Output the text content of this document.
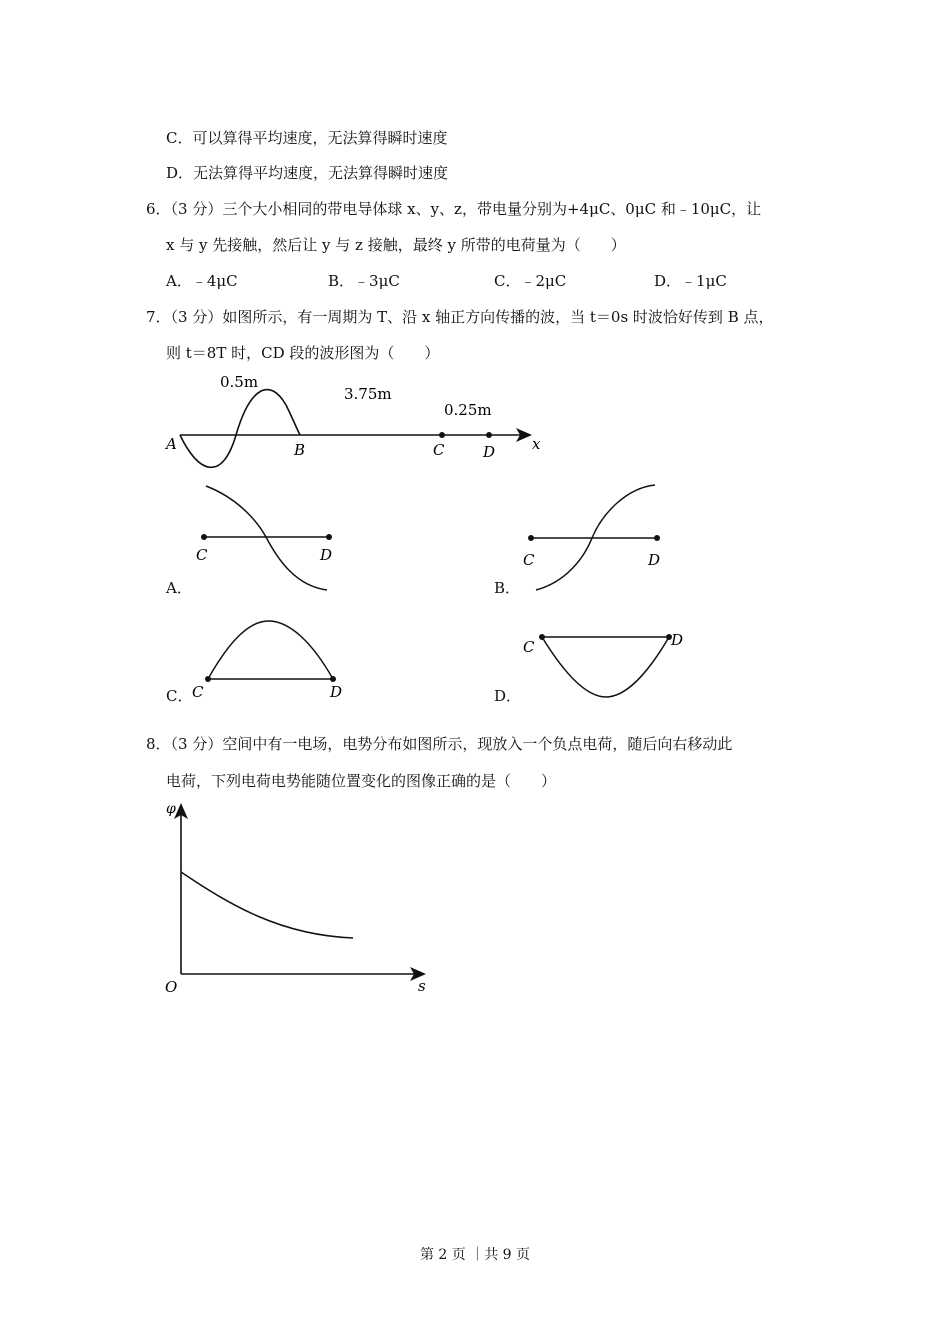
C．可以算得平均速度，无法算得瞬时速度
D．无法算得平均速度，无法算得瞬时速度
6．（3 分）三个大小相同的带电导体球 x、y、z，带电量分别为+4μC、0μC 和﹣10μC，让
x 与 y 先接触，然后让 y 与 z 接触，最终 y 所带的电荷量为（　　）
A．﹣4μC	B．﹣3μC	C．﹣2μC	D．﹣1μC
7．（3 分）如图所示，有一周期为 T、沿 x 轴正方向传播的波，当 t＝0s 时波恰好传到 B 点，
则 t＝8T 时，CD 段的波形图为（　　）
0.5m
3.75m
0.25m
A	B	C	D x
C	D
A．
C	D
B．
C	D
C．
C	D
D．
8．（3 分）空间中有一电场，电势分布如图所示，现放入一个负点电荷，随后向右移动此
电荷，下列电荷电势能随位置变化的图像正确的是（　　）
φ
s
O
第 2 页 ｜共 9 页
